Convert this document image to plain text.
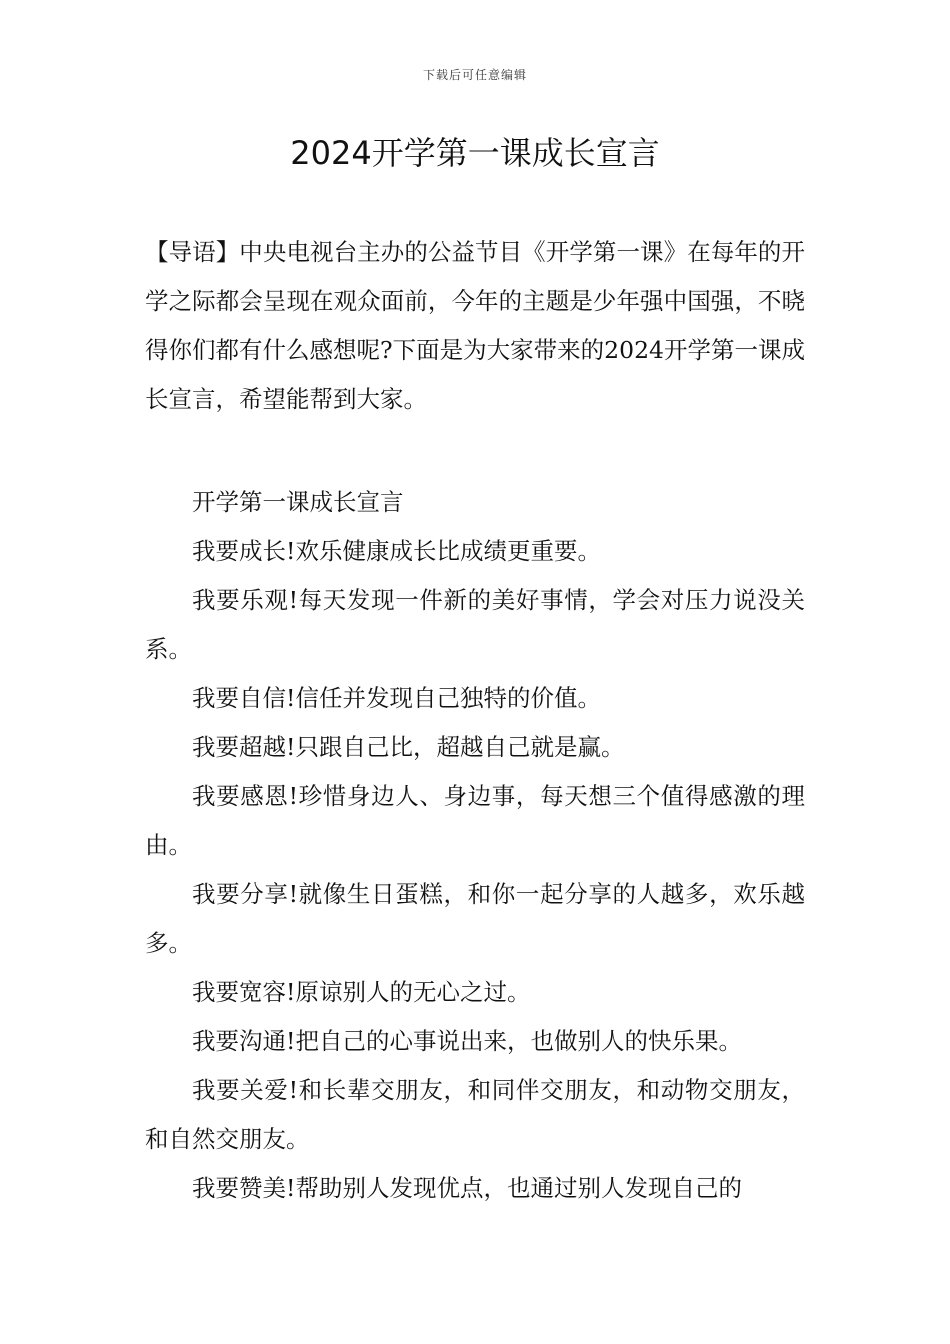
下载后可任意编辑
2024开学第一课成长宣言

【导语】中央电视台主办的公益节目《开学第一课》在每年的开学之际都会呈现在观众面前，今年的主题是少年强中国强，不晓得你们都有什么感想呢?下面是为大家带来的2024开学第一课成长宣言，希望能帮到大家。

开学第一课成长宣言

我要成长!欢乐健康成长比成绩更重要。

我要乐观!每天发现一件新的美好事情，学会对压力说没关系。

我要自信!信任并发现自己独特的价值。

我要超越!只跟自己比，超越自己就是赢。

我要感恩!珍惜身边人、身边事，每天想三个值得感激的理由。

我要分享!就像生日蛋糕，和你一起分享的人越多，欢乐越多。

我要宽容!原谅别人的无心之过。

我要沟通!把自己的心事说出来，也做别人的快乐果。

我要关爱!和长辈交朋友，和同伴交朋友，和动物交朋友，和自然交朋友。

我要赞美!帮助别人发现优点，也通过别人发现自己的
